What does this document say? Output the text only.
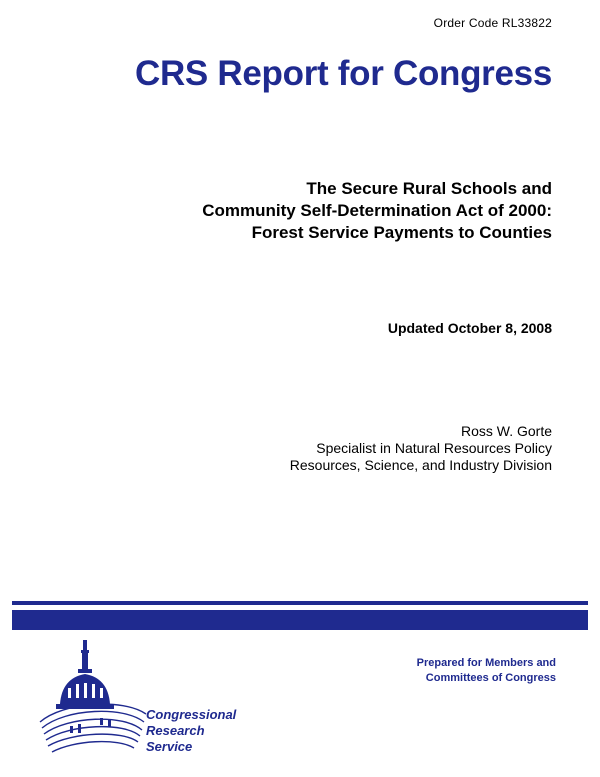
Order Code RL33822
CRS Report for Congress
The Secure Rural Schools and
Community Self-Determination Act of 2000:
Forest Service Payments to Counties
Updated October 8, 2008
Ross W. Gorte
Specialist in Natural Resources Policy
Resources, Science, and Industry Division
Congressional
Research
Service
Prepared for Members and
Committees of Congress
